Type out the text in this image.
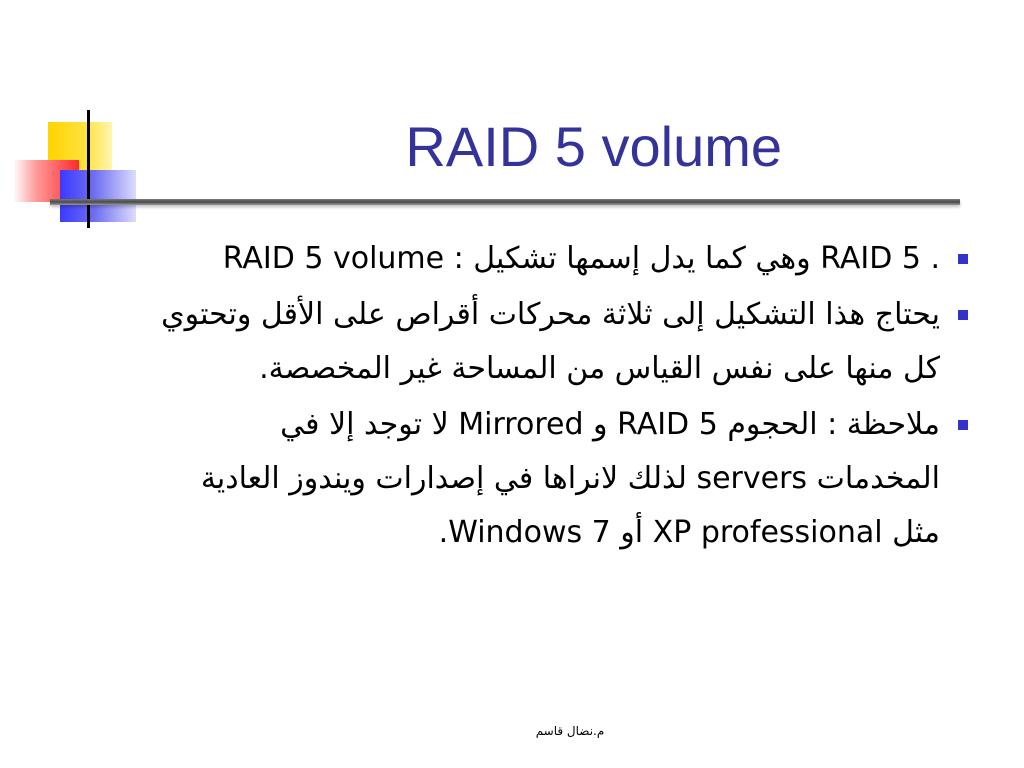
RAID 5 volume
RAID 5 volume : وهي كما يدل إسمها تشكيل RAID 5 .
يحتاج هذا التشكيل إلى ثلاثة محركات أقراص على الأقل وتحتوي كل منها على نفس القياس من المساحة غير المخصصة.
ملاحظة : الحجوم RAID 5 و Mirrored لا توجد إلا في المخدمات servers لذلك لانراها في إصدارات ويندوز العادية مثل XP professional أو Windows 7.
م.نضال قاسم
